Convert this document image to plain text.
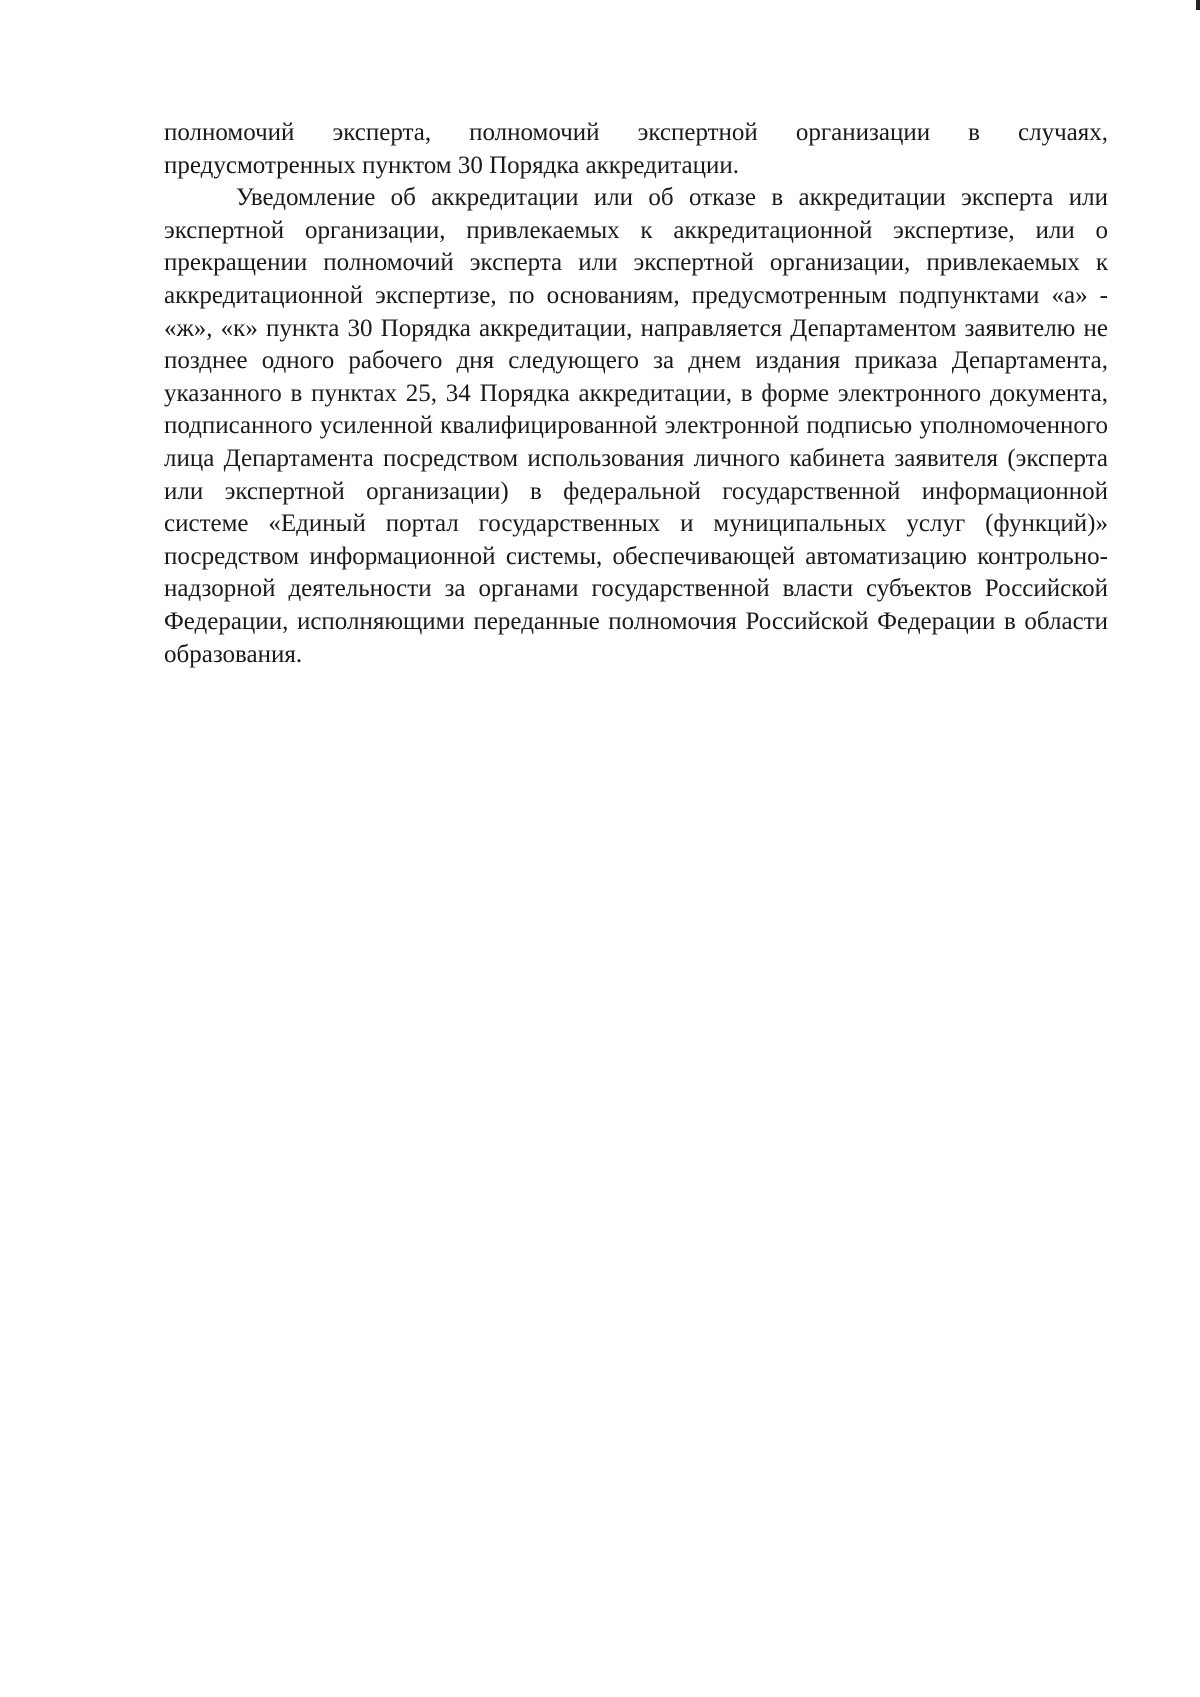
полномочий эксперта, полномочий экспертной организации в случаях, предусмотренных пунктом 30 Порядка аккредитации.

Уведомление об аккредитации или об отказе в аккредитации эксперта или экспертной организации, привлекаемых к аккредитационной экспертизе, или о прекращении полномочий эксперта или экспертной организации, привлекаемых к аккредитационной экспертизе, по основаниям, предусмотренным подпунктами «а» - «ж», «к» пункта 30 Порядка аккредитации, направляется Департаментом заявителю не позднее одного рабочего дня следующего за днем издания приказа Департамента, указанного в пунктах 25, 34 Порядка аккредитации, в форме электронного документа, подписанного усиленной квалифицированной электронной подписью уполномоченного лица Департамента посредством использования личного кабинета заявителя (эксперта или экспертной организации) в федеральной государственной информационной системе «Единый портал государственных и муниципальных услуг (функций)» посредством информационной системы, обеспечивающей автоматизацию контрольно-надзорной деятельности за органами государственной власти субъектов Российской Федерации, исполняющими переданные полномочия Российской Федерации в области образования.
